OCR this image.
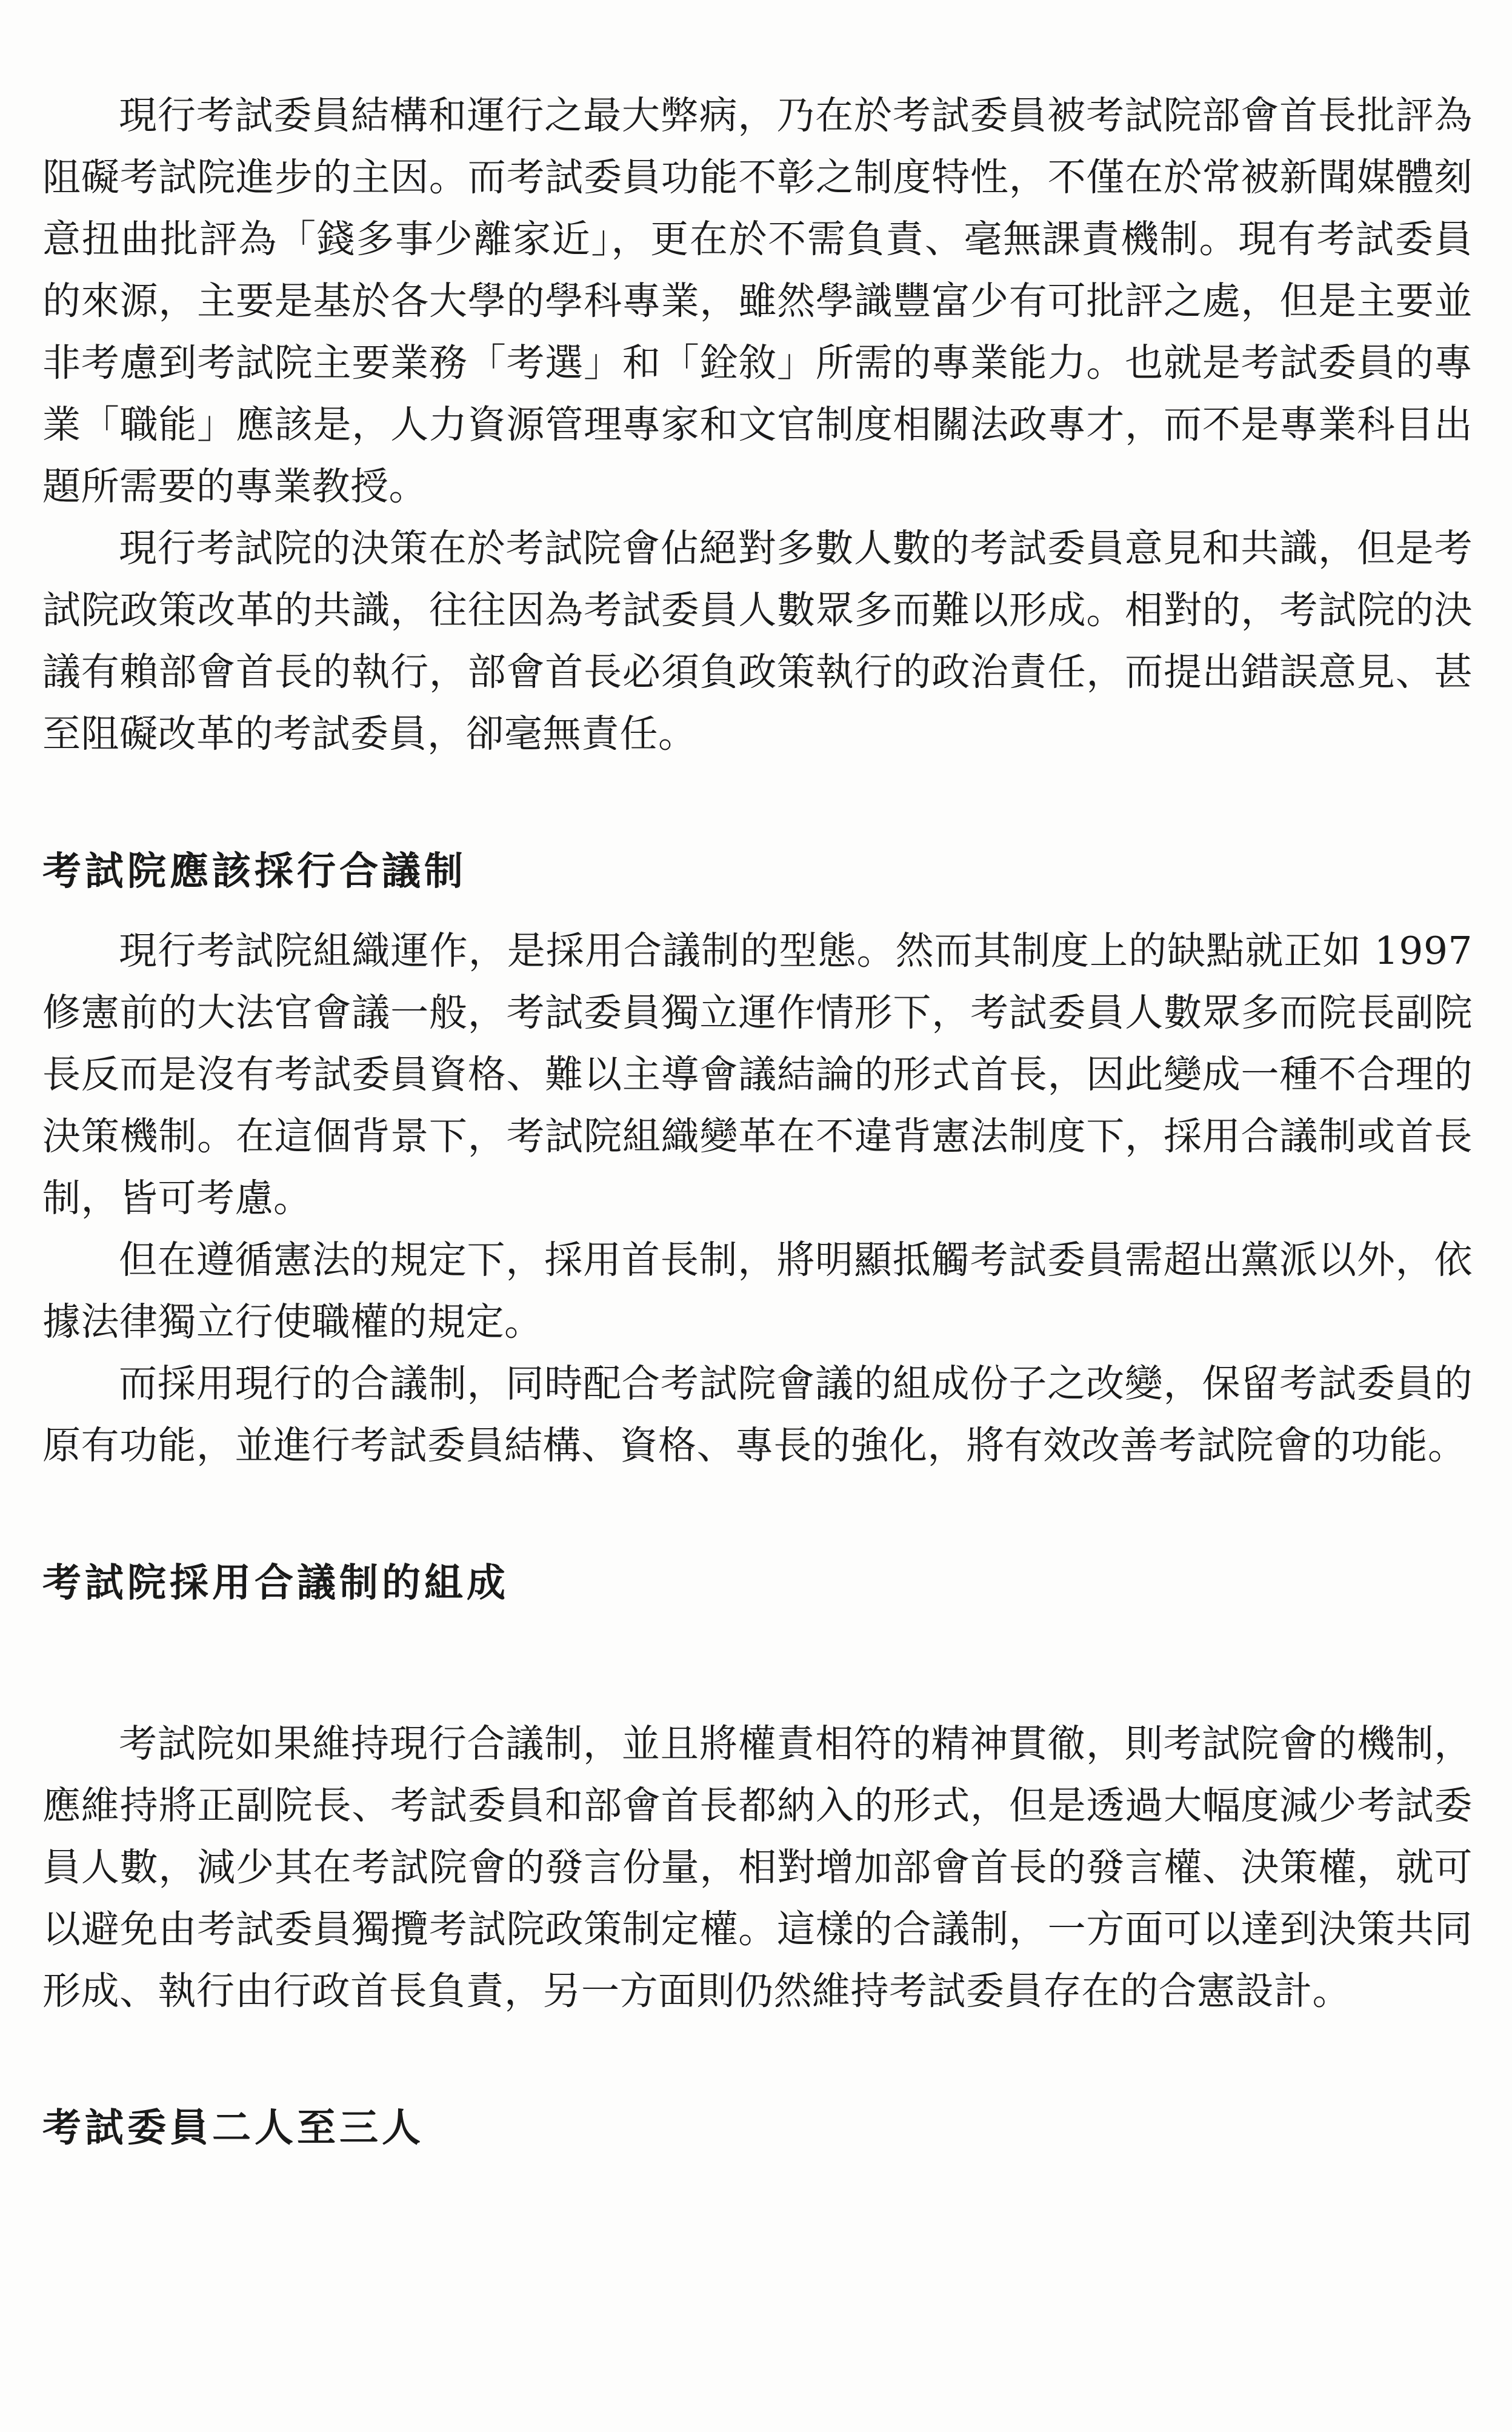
現行考試委員結構和運行之最大弊病，乃在於考試委員被考試院部會首長批評為阻礙考試院進步的主因。而考試委員功能不彰之制度特性，不僅在於常被新聞媒體刻意扭曲批評為「錢多事少離家近」，更在於不需負責、毫無課責機制。現有考試委員的來源，主要是基於各大學的學科專業，雖然學識豐富少有可批評之處，但是主要並非考慮到考試院主要業務「考選」和「銓敘」所需的專業能力。也就是考試委員的專業「職能」應該是，人力資源管理專家和文官制度相關法政專才，而不是專業科目出題所需要的專業教授。

現行考試院的決策在於考試院會佔絕對多數人數的考試委員意見和共識，但是考試院政策改革的共識，往往因為考試委員人數眾多而難以形成。相對的，考試院的決議有賴部會首長的執行，部會首長必須負政策執行的政治責任，而提出錯誤意見、甚至阻礙改革的考試委員，卻毫無責任。

考試院應該採行合議制

現行考試院組織運作，是採用合議制的型態。然而其制度上的缺點就正如 1997 修憲前的大法官會議一般，考試委員獨立運作情形下，考試委員人數眾多而院長副院長反而是沒有考試委員資格、難以主導會議結論的形式首長，因此變成一種不合理的決策機制。在這個背景下，考試院組織變革在不違背憲法制度下，採用合議制或首長制，皆可考慮。

但在遵循憲法的規定下，採用首長制，將明顯抵觸考試委員需超出黨派以外，依據法律獨立行使職權的規定。

而採用現行的合議制，同時配合考試院會議的組成份子之改變，保留考試委員的原有功能，並進行考試委員結構、資格、專長的強化，將有效改善考試院會的功能。

考試院採用合議制的組成

考試院如果維持現行合議制，並且將權責相符的精神貫徹，則考試院會的機制，應維持將正副院長、考試委員和部會首長都納入的形式，但是透過大幅度減少考試委員人數，減少其在考試院會的發言份量，相對增加部會首長的發言權、決策權，就可以避免由考試委員獨攬考試院政策制定權。這樣的合議制，一方面可以達到決策共同形成、執行由行政首長負責，另一方面則仍然維持考試委員存在的合憲設計。

考試委員二人至三人
